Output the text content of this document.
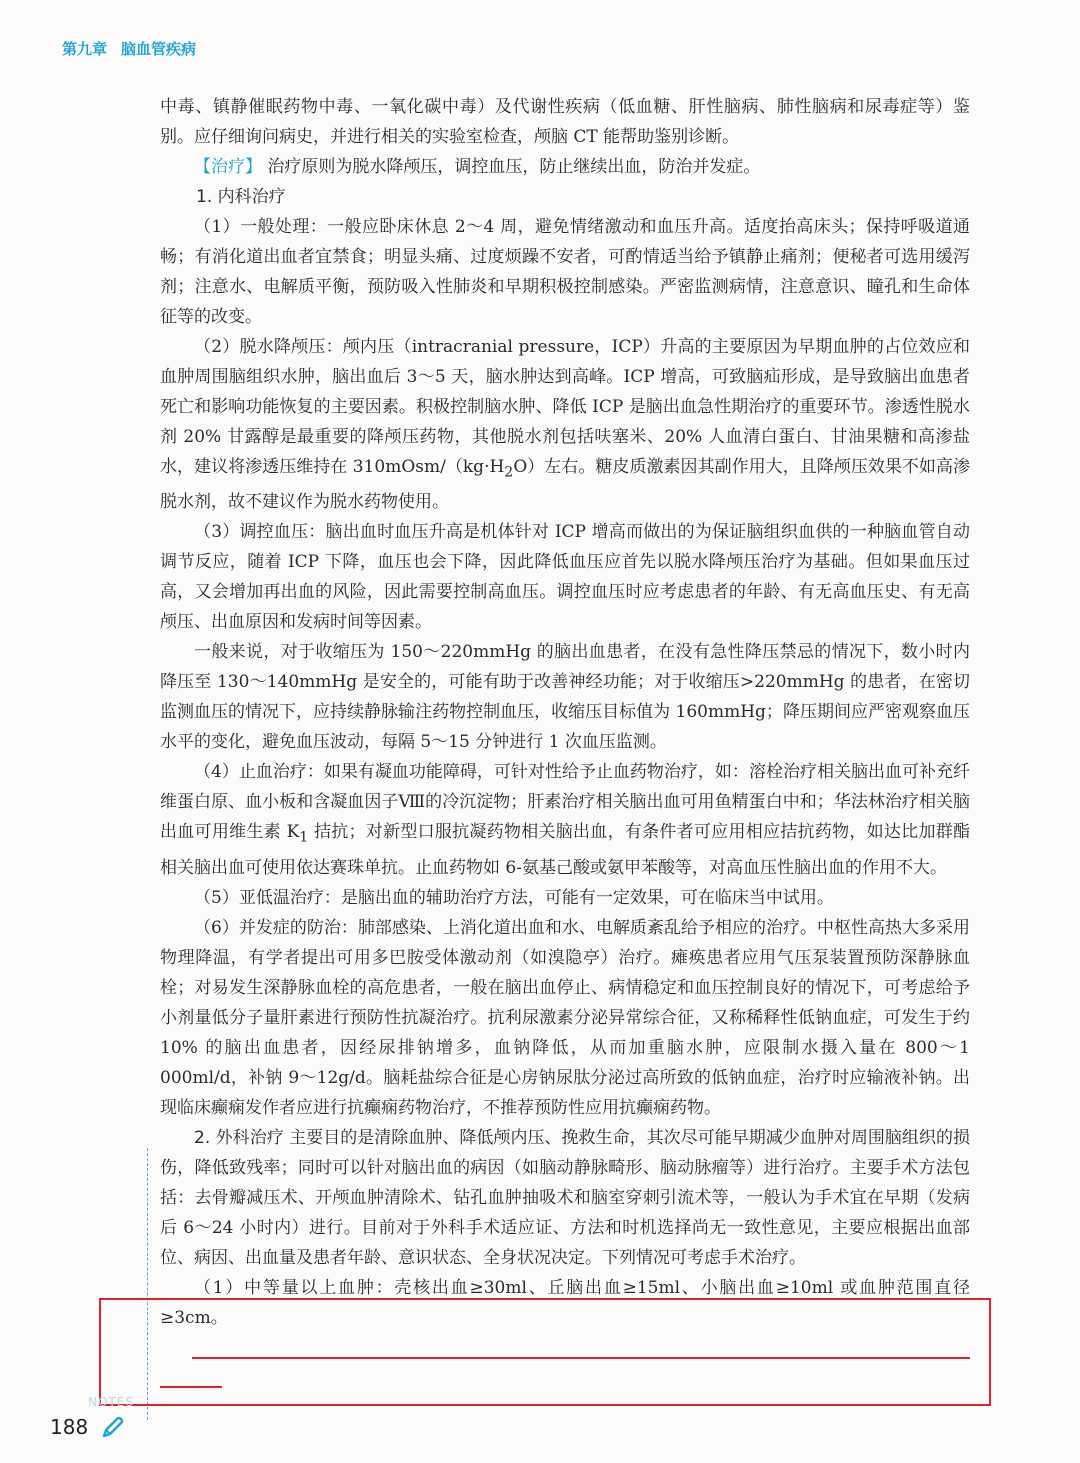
第九章 脑血管疾病

中毒、镇静催眠药物中毒、一氧化碳中毒）及代谢性疾病（低血糖、肝性脑病、肺性脑病和尿毒症等）鉴别。应仔细询问病史，并进行相关的实验室检查，颅脑 CT 能帮助鉴别诊断。

【治疗】 治疗原则为脱水降颅压，调控血压，防止继续出血，防治并发症。

1. 内科治疗

（1）一般处理：一般应卧床休息 2～4 周，避免情绪激动和血压升高。适度抬高床头；保持呼吸道通畅；有消化道出血者宜禁食；明显头痛、过度烦躁不安者，可酌情适当给予镇静止痛剂；便秘者可选用缓泻剂；注意水、电解质平衡，预防吸入性肺炎和早期积极控制感染。严密监测病情，注意意识、瞳孔和生命体征等的改变。

（2）脱水降颅压：颅内压（intracranial pressure，ICP）升高的主要原因为早期血肿的占位效应和血肿周围脑组织水肿，脑出血后 3～5 天，脑水肿达到高峰。ICP 增高，可致脑疝形成，是导致脑出血患者死亡和影响功能恢复的主要因素。积极控制脑水肿、降低 ICP 是脑出血急性期治疗的重要环节。渗透性脱水剂 20% 甘露醇是最重要的降颅压药物，其他脱水剂包括呋塞米、20% 人血清白蛋白、甘油果糖和高渗盐水，建议将渗透压维持在 $310mOsm/(kg\cdot H_2O)$左右。糖皮质激素因其副作用大，且降颅压效果不如高渗脱水剂，故不建议作为脱水药物使用。

（3）调控血压：脑出血时血压升高是机体针对 ICP 增高而做出的为保证脑组织血供的一种脑血管自动调节反应，随着 ICP 下降，血压也会下降，因此降低血压应首先以脱水降颅压治疗为基础。但如果血压过高，又会增加再出血的风险，因此需要控制高血压。调控血压时应考虑患者的年龄、有无高血压史、有无高颅压、出血原因和发病时间等因素。

一般来说，对于收缩压为 150～220mmHg 的脑出血患者，在没有急性降压禁忌的情况下，数小时内降压至 130～140mmHg 是安全的，可能有助于改善神经功能；对于收缩压>220mmHg 的患者，在密切监测血压的情况下，应持续静脉输注药物控制血压，收缩压目标值为 160mmHg；降压期间应严密观察血压水平的变化，避免血压波动，每隔 5～15 分钟进行 1 次血压监测。

（4）止血治疗：如果有凝血功能障碍，可针对性给予止血药物治疗，如：溶栓治疗相关脑出血可补充纤维蛋白原、血小板和含凝血因子Ⅷ的冷沉淀物；肝素治疗相关脑出血可用鱼精蛋白中和；华法林治疗相关脑出血可用维生素 $K_1$ 拮抗；对新型口服抗凝药物相关脑出血，有条件者可应用相应拮抗药物，如达比加群酯相关脑出血可使用依达赛珠单抗。止血药物如 6-氨基己酸或氨甲苯酸等，对高血压性脑出血的作用不大。

（5）亚低温治疗：是脑出血的辅助治疗方法，可能有一定效果，可在临床当中试用。

（6）并发症的防治：肺部感染、上消化道出血和水、电解质紊乱给予相应的治疗。中枢性高热大多采用物理降温，有学者提出可用多巴胺受体激动剂（如溴隐亭）治疗。瘫痪患者应用气压泵装置预防深静脉血栓；对易发生深静脉血栓的高危患者，一般在脑出血停止、病情稳定和血压控制良好的情况下，可考虑给予小剂量低分子量肝素进行预防性抗凝治疗。抗利尿激素分泌异常综合征，又称稀释性低钠血症，可发生于约 10% 的脑出血患者，因经尿排钠增多，血钠降低，从而加重脑水肿，应限制水摄入量在 800～1 000ml/d，补钠 9～12g/d。脑耗盐综合征是心房钠尿肽分泌过高所致的低钠血症，治疗时应输液补钠。出现临床癫痫发作者应进行抗癫痫药物治疗，不推荐预防性应用抗癫痫药物。

2. 外科治疗 主要目的是清除血肿、降低颅内压、挽救生命，其次尽可能早期减少血肿对周围脑组织的损伤，降低致残率；同时可以针对脑出血的病因（如脑动静脉畸形、脑动脉瘤等）进行治疗。主要手术方法包括：去骨瓣减压术、开颅血肿清除术、钻孔血肿抽吸术和脑室穿刺引流术等，一般认为手术宜在早期（发病后 6～24 小时内）进行。目前对于外科手术适应证、方法和时机选择尚无一致性意见，主要应根据出血部位、病因、出血量及患者年龄、意识状态、全身状况决定。下列情况可考虑手术治疗。

（1）中等量以上血肿：壳核出血≥30ml、丘脑出血≥15ml、小脑出血≥10ml 或血肿范围直径≥3cm。

NOTES
188
